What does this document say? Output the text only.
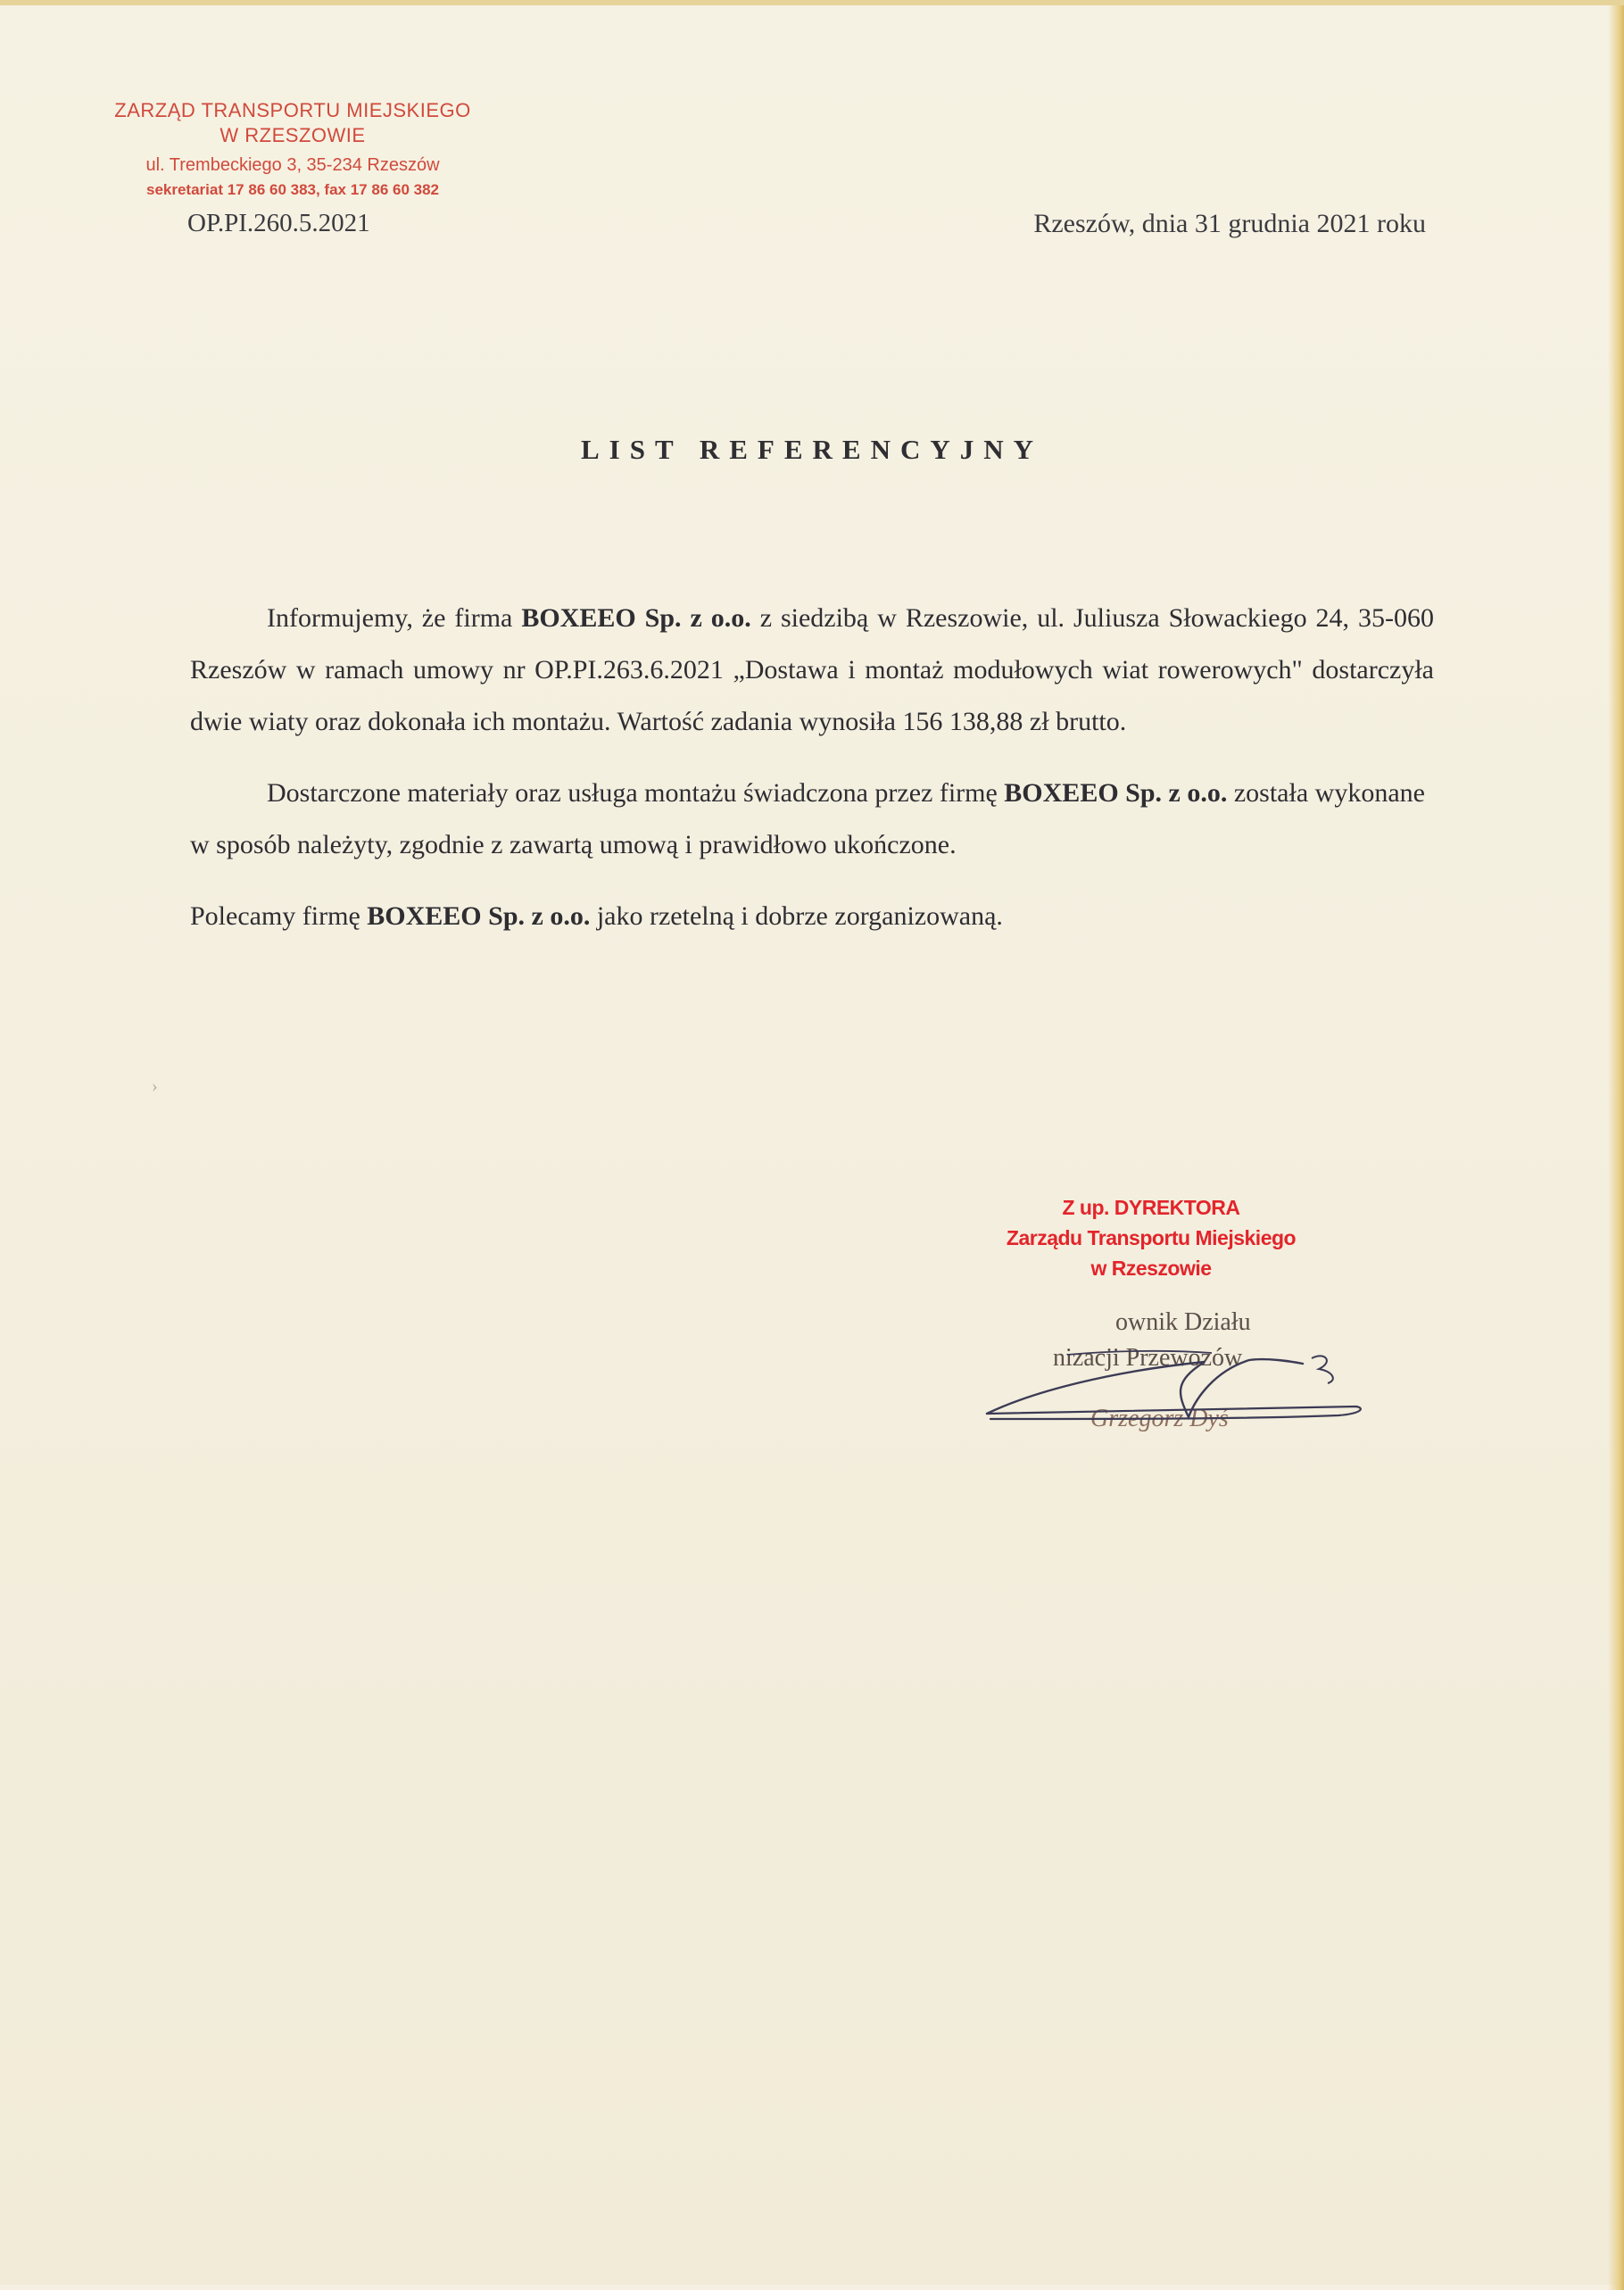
ZARZĄD TRANSPORTU MIEJSKIEGO
W RZESZOWIE
ul. Trembeckiego 3, 35-234 Rzeszów
sekretariat 17 86 60 383, fax 17 86 60 382
OP.PI.260.5.2021	Rzeszów, dnia 31 grudnia 2021 roku
LIST REFERENCYJNY
›

Informujemy, że firma BOXEEO Sp. z o.o. z siedzibą w Rzeszowie, ul. Juliusza Słowackiego 24, 35-060 Rzeszów w ramach umowy nr OP.PI.263.6.2021 „Dostawa i montaż modułowych wiat rowerowych" dostarczyła dwie wiaty oraz dokonała ich montażu. Wartość zadania wynosiła 156 138,88 zł brutto.

Dostarczone materiały oraz usługa montażu świadczona przez firmę BOXEEO Sp. z o.o. została wykonane w sposób należyty, zgodnie z zawartą umową i prawidłowo ukończone.

Polecamy firmę BOXEEO Sp. z o.o. jako rzetelną i dobrze zorganizowaną.

Z up. DYREKTORA
Zarządu Transportu Miejskiego
w Rzeszowie
ownik Działu
nizacji Przewozów
Grzegorz Dyś
